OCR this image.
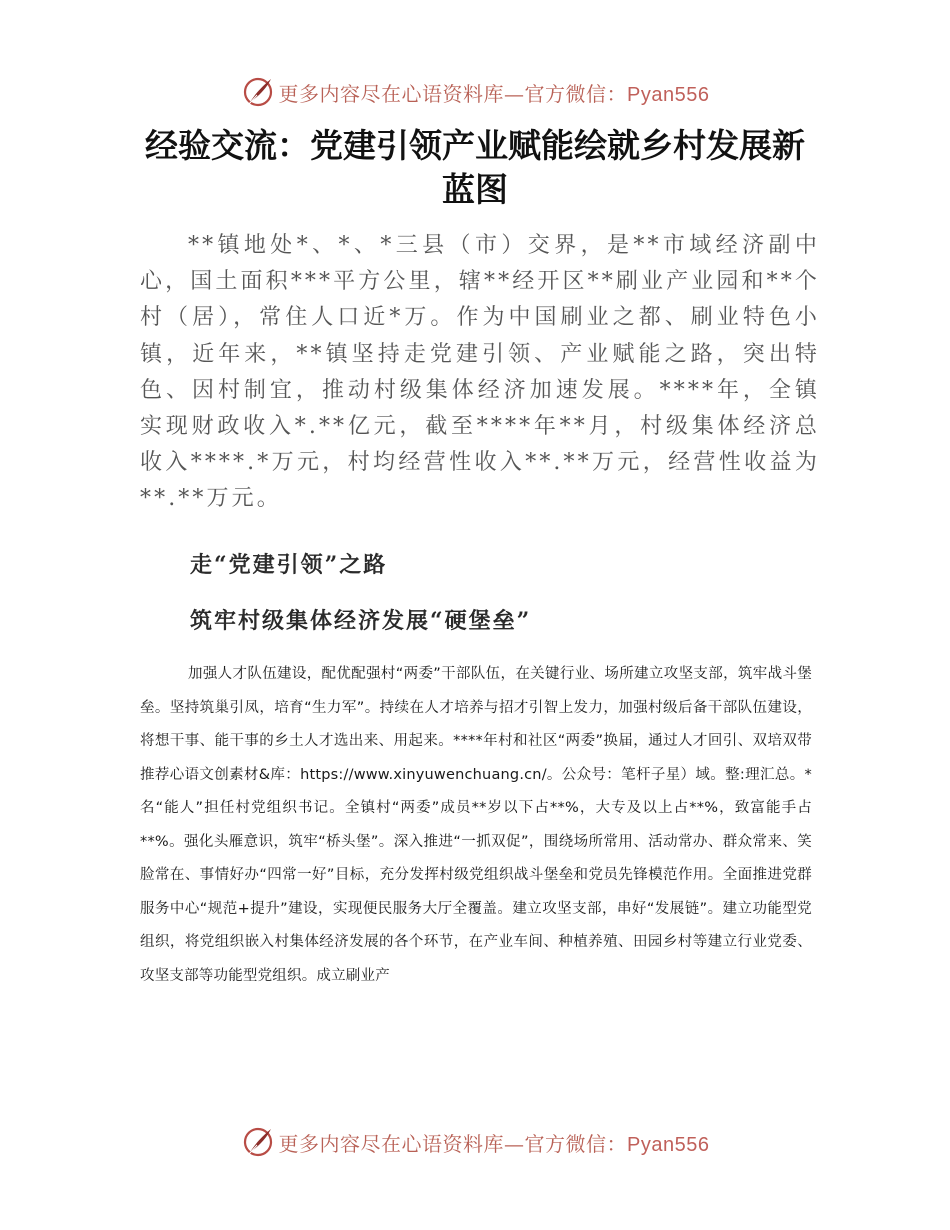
更多内容尽在心语资料库—官方微信：Pyan556
经验交流：党建引领产业赋能绘就乡村发展新蓝图

**镇地处*、*、*三县（市）交界，是**市域经济副中心，国土面积***平方公里，辖**经开区**刷业产业园和**个村（居），常住人口近*万。作为中国刷业之都、刷业特色小镇，近年来，**镇坚持走党建引领、产业赋能之路，突出特色、因村制宜，推动村级集体经济加速发展。****年，全镇实现财政收入*.**亿元，截至****年**月，村级集体经济总收入****.*万元，村均经营性收入**.**万元，经营性收益为**.**万元。

走“党建引领”之路
筑牢村级集体经济发展“硬堡垒”

加强人才队伍建设，配优配强村“两委”干部队伍，在关键行业、场所建立攻坚支部，筑牢战斗堡垒。坚持筑巢引凤，培育“生力军”。持续在人才培养与招才引智上发力，加强村级后备干部队伍建设，将想干事、能干事的乡土人才选出来、用起来。****年村和社区“两委”换届，通过人才回引、双培双带推荐心语文创素材&库：https://www.xinyuwenchuang.cn/。公众号：笔杆子星）域。整:理汇总。*名“能人”担任村党组织书记。全镇村“两委”成员**岁以下占**%，大专及以上占**%，致富能手占**%。强化头雁意识，筑牢“桥头堡”。深入推进“一抓双促”，围绕场所常用、活动常办、群众常来、笑脸常在、事情好办“四常一好”目标，充分发挥村级党组织战斗堡垒和党员先锋模范作用。全面推进党群服务中心“规范+提升”建设，实现便民服务大厅全覆盖。建立攻坚支部，串好“发展链”。建立功能型党组织，将党组织嵌入村集体经济发展的各个环节，在产业车间、种植养殖、田园乡村等建立行业党委、攻坚支部等功能型党组织。成立刷业产

更多内容尽在心语资料库—官方微信：Pyan556
